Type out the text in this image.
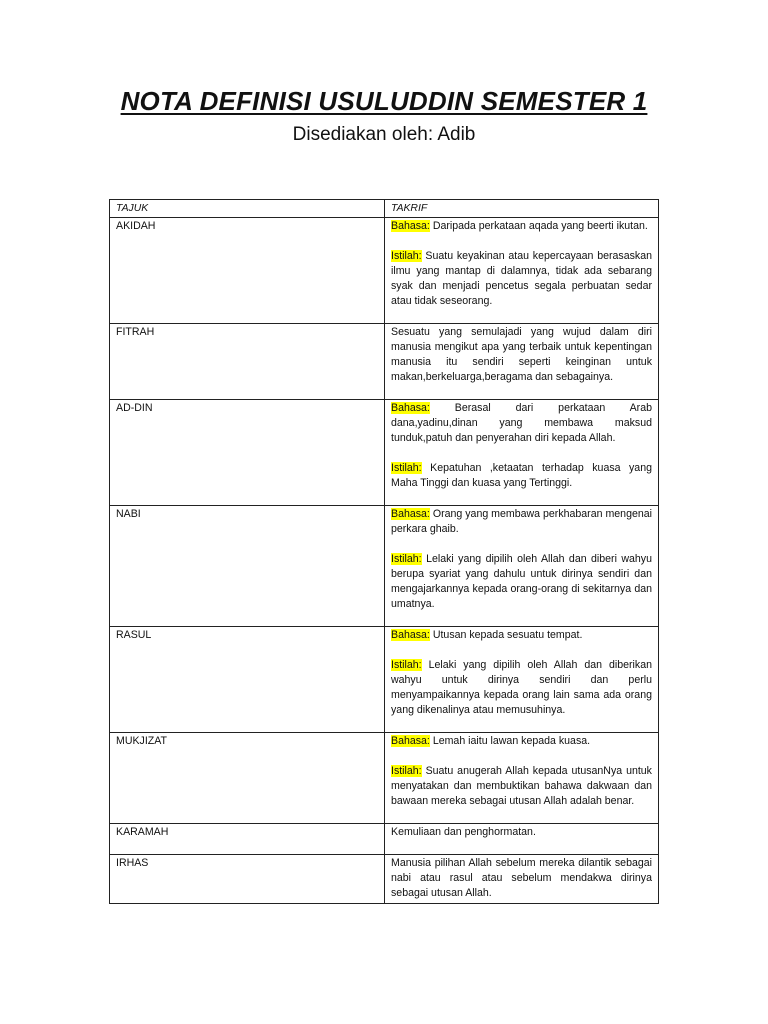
NOTA DEFINISI USULUDDIN SEMESTER 1
Disediakan oleh: Adib
TAJUK	TAKRIF
AKIDAH	Bahasa: Daripada perkataan aqada yang beerti ikutan.

Istilah: Suatu keyakinan atau kepercayaan berasaskan ilmu yang mantap di dalamnya, tidak ada sebarang syak dan menjadi pencetus segala perbuatan sedar atau tidak seseorang.

FITRAH	Sesuatu yang semulajadi yang wujud dalam diri manusia mengikut apa yang terbaik untuk kepentingan manusia itu sendiri seperti keinginan untuk makan,berkeluarga,beragama dan sebagainya.

AD-DIN	Bahasa: Berasal dari perkataan Arab dana,yadinu,dinan yang membawa maksud tunduk,patuh dan penyerahan diri kepada Allah.

Istilah: Kepatuhan ,ketaatan terhadap kuasa yang Maha Tinggi dan kuasa yang Tertinggi.

NABI	Bahasa: Orang yang membawa perkhabaran mengenai perkara ghaib.

Istilah: Lelaki yang dipilih oleh Allah dan diberi wahyu berupa syariat yang dahulu untuk dirinya sendiri dan mengajarkannya kepada orang-orang di sekitarnya dan umatnya.

RASUL	Bahasa: Utusan kepada sesuatu tempat.

Istilah: Lelaki yang dipilih oleh Allah dan diberikan wahyu untuk dirinya sendiri dan perlu menyampaikannya kepada orang lain sama ada orang yang dikenalinya atau memusuhinya.

MUKJIZAT	Bahasa: Lemah iaitu lawan kepada kuasa.

Istilah: Suatu anugerah Allah kepada utusanNya untuk menyatakan dan membuktikan bahawa dakwaan dan bawaan mereka sebagai utusan Allah adalah benar.

KARAMAH	Kemuliaan dan penghormatan.

IRHAS	Manusia pilihan Allah sebelum mereka dilantik sebagai nabi atau rasul atau sebelum mendakwa dirinya sebagai utusan Allah.
